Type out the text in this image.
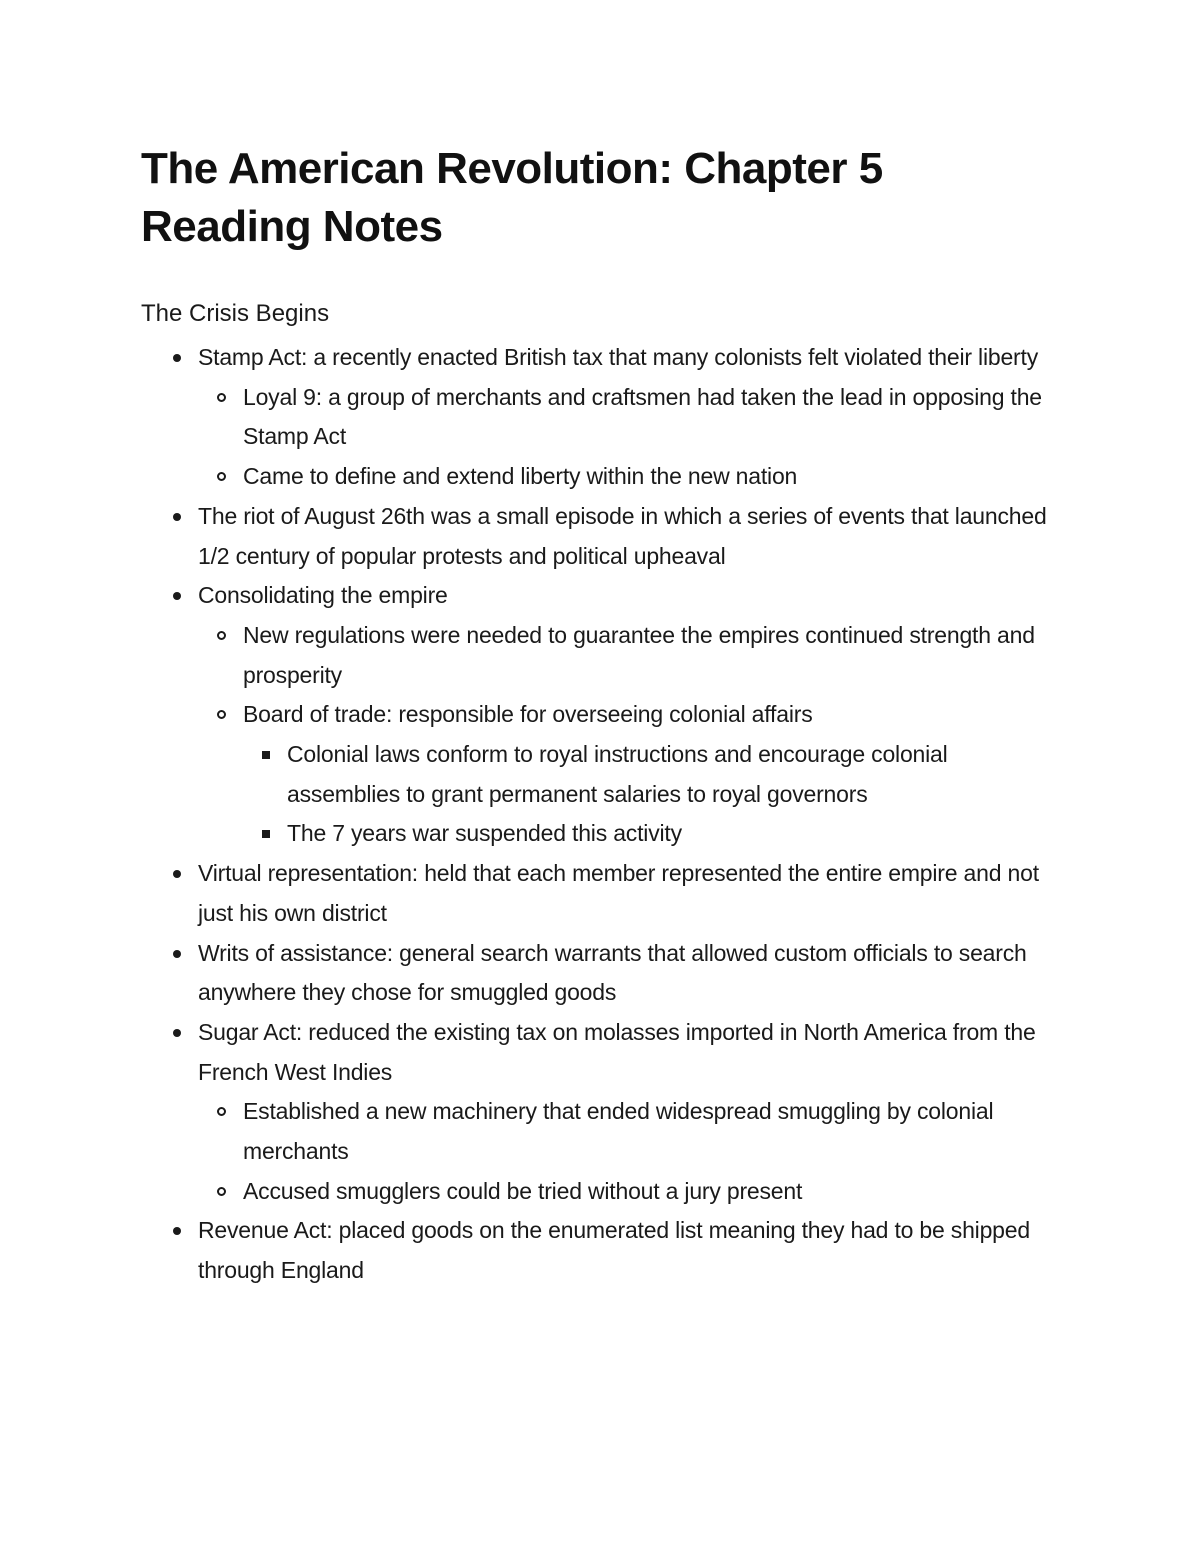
The American Revolution: Chapter 5 Reading Notes
The Crisis Begins
Stamp Act: a recently enacted British tax that many colonists felt violated their liberty
Loyal 9: a group of merchants and craftsmen had taken the lead in opposing the Stamp Act
Came to define and extend liberty within the new nation
The riot of August 26th was a small episode in which a series of events that launched 1/2 century of popular protests and political upheaval
Consolidating the empire
New regulations were needed to guarantee the empires continued strength and prosperity
Board of trade: responsible for overseeing colonial affairs
Colonial laws conform to royal instructions and encourage colonial assemblies to grant permanent salaries to royal governors
The 7 years war suspended this activity
Virtual representation: held that each member represented the entire empire and not just his own district
Writs of assistance: general search warrants that allowed custom officials to search anywhere they chose for smuggled goods
Sugar Act: reduced the existing tax on molasses imported in North America from the French West Indies
Established a new machinery that ended widespread smuggling by colonial merchants
Accused smugglers could be tried without a jury present
Revenue Act: placed goods on the enumerated list meaning they had to be shipped through England
